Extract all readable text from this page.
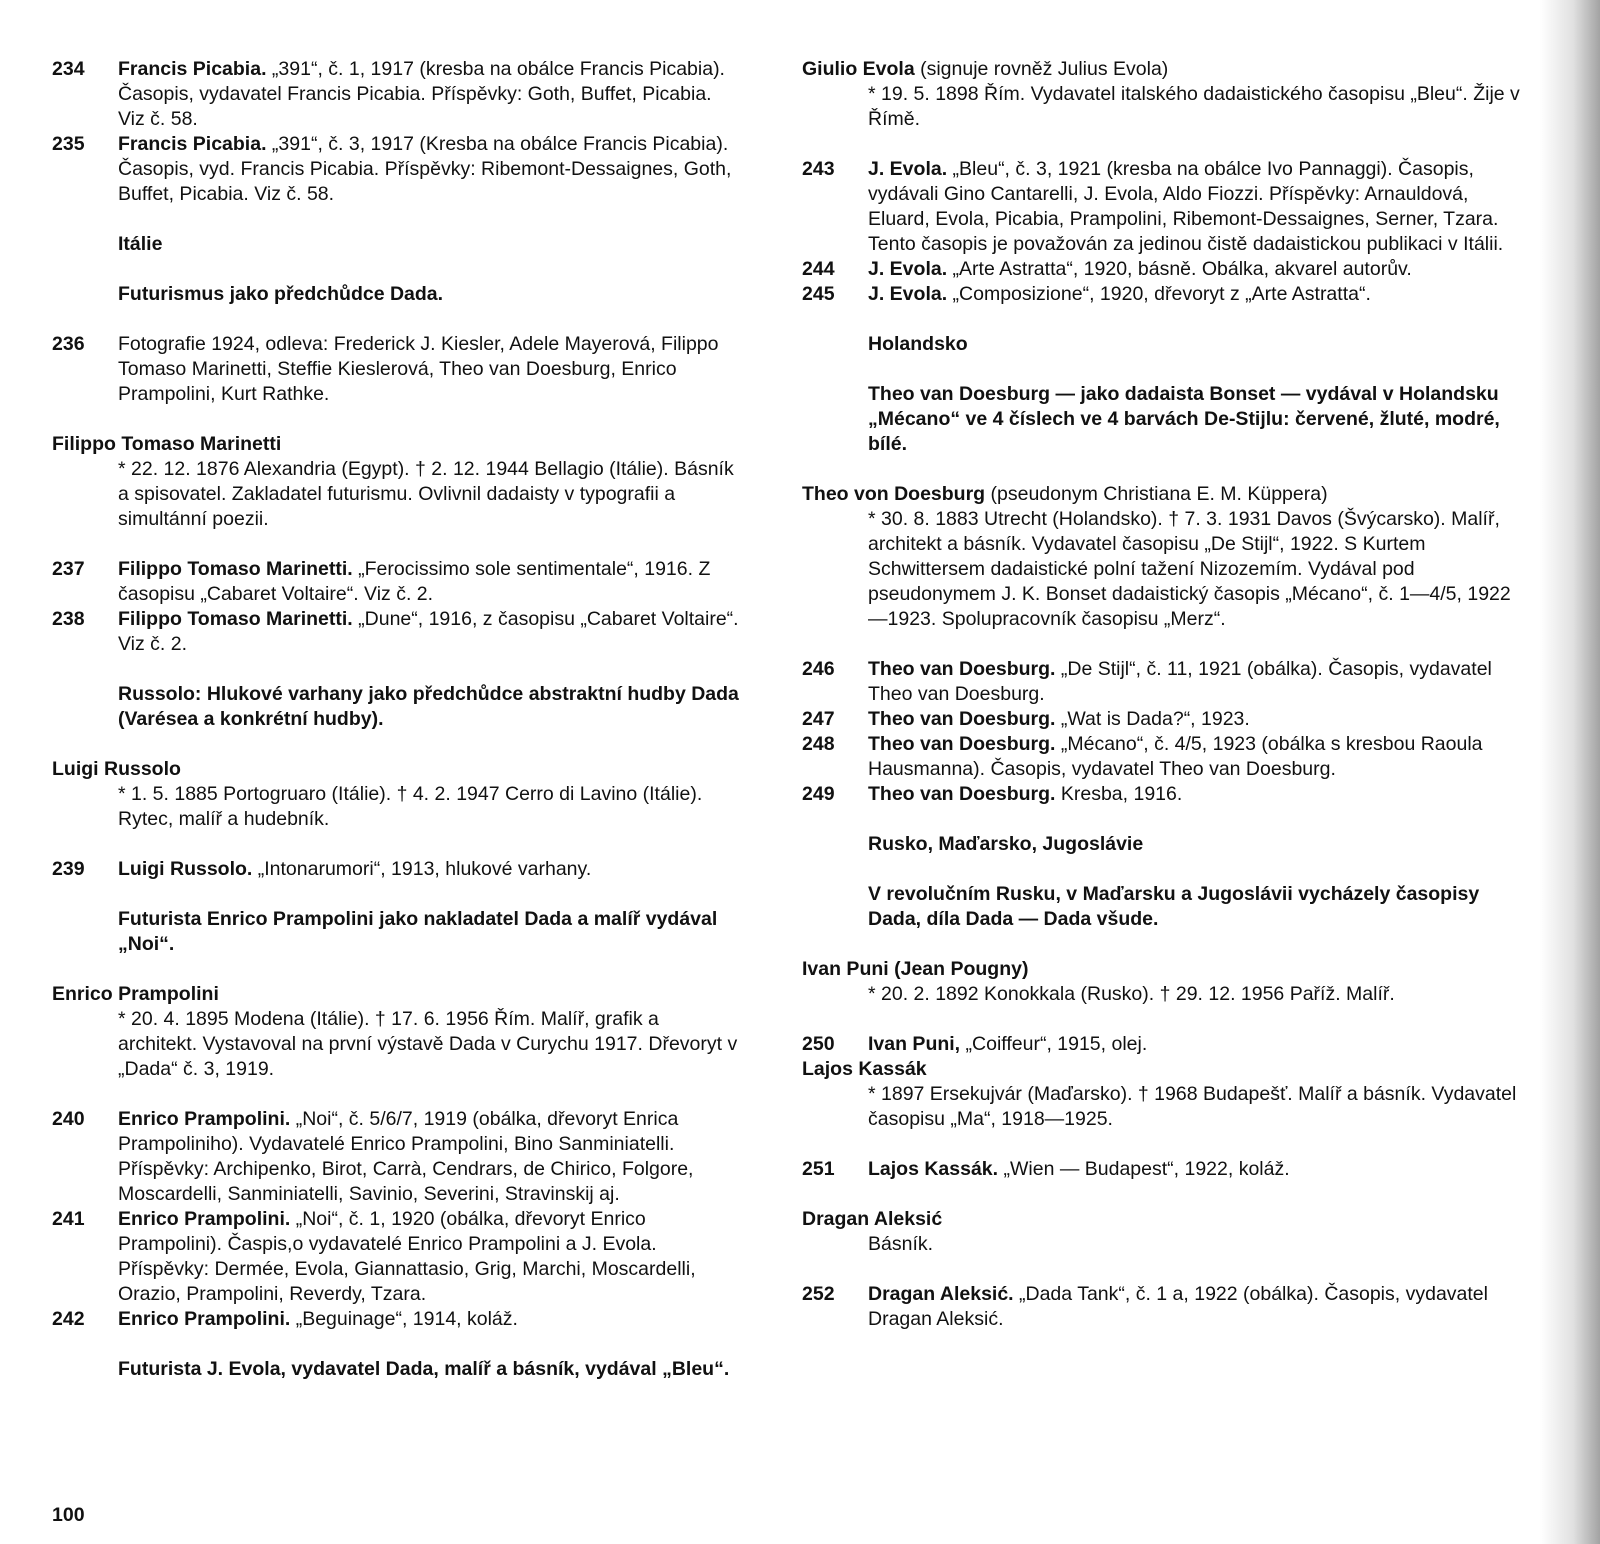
234	Francis Picabia. „391“, č. 1, 1917 (kresba na obálce Francis Picabia). Časopis, vydavatel Francis Picabia. Příspěvky: Goth, Buffet, Picabia. Viz č. 58.
235	Francis Picabia. „391“, č. 3, 1917 (Kresba na obálce Francis Picabia). Časopis, vyd. Francis Picabia. Příspěvky: Ribemont-Dessaignes, Goth, Buffet, Picabia. Viz č. 58.
Itálie
Futurismus jako předchůdce Dada.
236	Fotografie 1924, odleva: Frederick J. Kiesler, Adele Mayerová, Filippo Tomaso Marinetti, Steffie Kieslerová, Theo van Doesburg, Enrico Prampolini, Kurt Rathke.
Filippo Tomaso Marinetti
* 22. 12. 1876 Alexandria (Egypt). † 2. 12. 1944 Bellagio (Itálie). Básník a spisovatel. Zakladatel futurismu. Ovlivnil dadaisty v typografii a simultánní poezii.
237	Filippo Tomaso Marinetti. „Ferocissimo sole sentimentale“, 1916. Z časopisu „Cabaret Voltaire“. Viz č. 2.
238	Filippo Tomaso Marinetti. „Dune“, 1916, z časopisu „Cabaret Voltaire“. Viz č. 2.
Russolo: Hlukové varhany jako předchůdce abstraktní hudby Dada (Varésea a konkrétní hudby).
Luigi Russolo
* 1. 5. 1885 Portogruaro (Itálie). † 4. 2. 1947 Cerro di Lavino (Itálie). Rytec, malíř a hudebník.
239	Luigi Russolo. „Intonarumori“, 1913, hlukové varhany.
Futurista Enrico Prampolini jako nakladatel Dada a malíř vydával „Noi“.
Enrico Prampolini
* 20. 4. 1895 Modena (Itálie). † 17. 6. 1956 Řím. Malíř, grafik a architekt. Vystavoval na první výstavě Dada v Curychu 1917. Dřevoryt v „Dada“ č. 3, 1919.
240	Enrico Prampolini. „Noi“, č. 5/6/7, 1919 (obálka, dřevoryt Enrica Prampoliniho). Vydavatelé Enrico Prampolini, Bino Sanminiatelli. Příspěvky: Archipenko, Birot, Carrà, Cendrars, de Chirico, Folgore, Moscardelli, Sanminiatelli, Savinio, Severini, Stravinskij aj.
241	Enrico Prampolini. „Noi“, č. 1, 1920 (obálka, dřevoryt Enrico Prampolini). Časpis,o vydavatelé Enrico Prampolini a J. Evola. Příspěvky: Dermée, Evola, Giannattasio, Grig, Marchi, Moscardelli, Orazio, Prampolini, Reverdy, Tzara.
242	Enrico Prampolini. „Beguinage“, 1914, koláž.
Futurista J. Evola, vydavatel Dada, malíř a básník, vydával „Bleu“.
Giulio Evola (signuje rovněž Julius Evola)
* 19. 5. 1898 Řím. Vydavatel italského dadaistického časopisu „Bleu“. Žije v Římě.
243	J. Evola. „Bleu“, č. 3, 1921 (kresba na obálce Ivo Pannaggi). Časopis, vydávali Gino Cantarelli, J. Evola, Aldo Fiozzi. Příspěvky: Arnauldová, Eluard, Evola, Picabia, Prampolini, Ribemont-Dessaignes, Serner, Tzara. Tento časopis je považován za jedinou čistě dadaistickou publikaci v Itálii.
244	J. Evola. „Arte Astratta“, 1920, básně. Obálka, akvarel autorův.
245	J. Evola. „Composizione“, 1920, dřevoryt z „Arte Astratta“.
Holandsko
Theo van Doesburg — jako dadaista Bonset — vydával v Holandsku „Mécano“ ve 4 číslech ve 4 barvách De-Stijlu: červené, žluté, modré, bílé.
Theo von Doesburg (pseudonym Christiana E. M. Küppera)
* 30. 8. 1883 Utrecht (Holandsko). † 7. 3. 1931 Davos (Švýcarsko). Malíř, architekt a básník. Vydavatel časopisu „De Stijl“, 1922. S Kurtem Schwittersem dadaistické polní tažení Nizozemím. Vydával pod pseudonymem J. K. Bonset dadaistický časopis „Mécano“, č. 1—4/5, 1922—1923. Spolupracovník časopisu „Merz“.
246	Theo van Doesburg. „De Stijl“, č. 11, 1921 (obálka). Časopis, vydavatel Theo van Doesburg.
247	Theo van Doesburg. „Wat is Dada?“, 1923.
248	Theo van Doesburg. „Mécano“, č. 4/5, 1923 (obálka s kresbou Raoula Hausmanna). Časopis, vydavatel Theo van Doesburg.
249	Theo van Doesburg. Kresba, 1916.
Rusko, Maďarsko, Jugoslávie
V revolučním Rusku, v Maďarsku a Jugoslávii vycházely časopisy Dada, díla Dada — Dada všude.
Ivan Puni (Jean Pougny)
* 20. 2. 1892 Konokkala (Rusko). † 29. 12. 1956 Paříž. Malíř.
250	Ivan Puni, „Coiffeur“, 1915, olej.
Lajos Kassák
* 1897 Ersekujvár (Maďarsko). † 1968 Budapešť. Malíř a básník. Vydavatel časopisu „Ma“, 1918—1925.
251	Lajos Kassák. „Wien — Budapest“, 1922, koláž.
Dragan Aleksić
Básník.
252	Dragan Aleksić. „Dada Tank“, č. 1 a, 1922 (obálka). Časopis, vydavatel Dragan Aleksić.
100
